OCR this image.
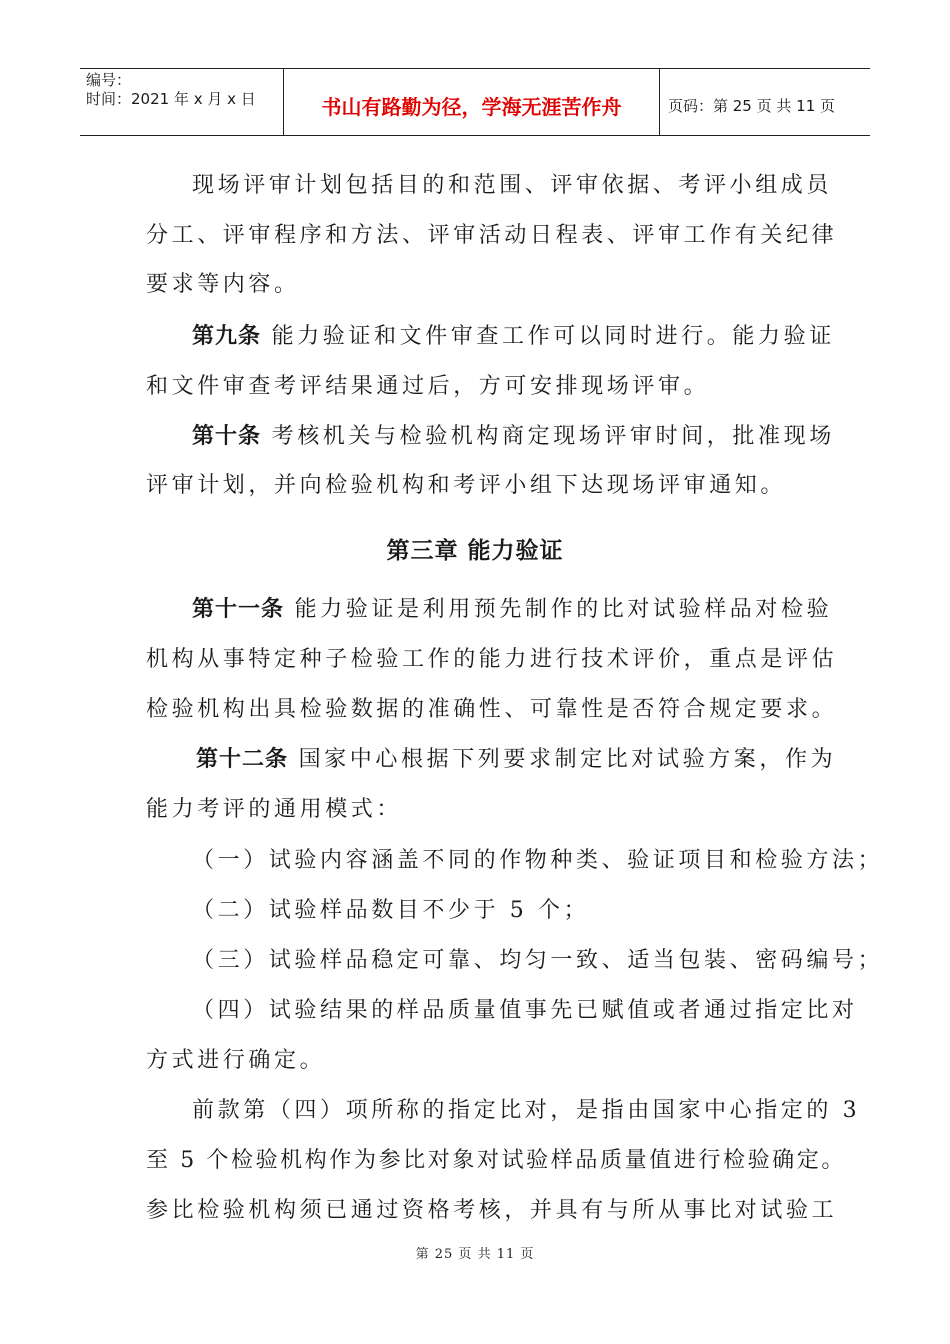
编号：
时间：2021 年 x 月 x 日	书山有路勤为径，学海无涯苦作舟	页码：第 25 页 共 11 页
现场评审计划包括目的和范围、评审依据、考评小组成员
分工、评审程序和方法、评审活动日程表、评审工作有关纪律
要求等内容。
第九条 能力验证和文件审查工作可以同时进行。能力验证
和文件审查考评结果通过后，方可安排现场评审。
第十条 考核机关与检验机构商定现场评审时间，批准现场
评审计划，并向检验机构和考评小组下达现场评审通知。
第三章 能力验证
第十一条 能力验证是利用预先制作的比对试验样品对检验
机构从事特定种子检验工作的能力进行技术评价，重点是评估
检验机构出具检验数据的准确性、可靠性是否符合规定要求。
第十二条 国家中心根据下列要求制定比对试验方案，作为
能力考评的通用模式：
（一）试验内容涵盖不同的作物种类、验证项目和检验方法；
（二）试验样品数目不少于 5 个；
（三）试验样品稳定可靠、均匀一致、适当包装、密码编号；
（四）试验结果的样品质量值事先已赋值或者通过指定比对
方式进行确定。
前款第（四）项所称的指定比对，是指由国家中心指定的 3
至 5 个检验机构作为参比对象对试验样品质量值进行检验确定。
参比检验机构须已通过资格考核，并具有与所从事比对试验工
第 25 页 共 11 页
